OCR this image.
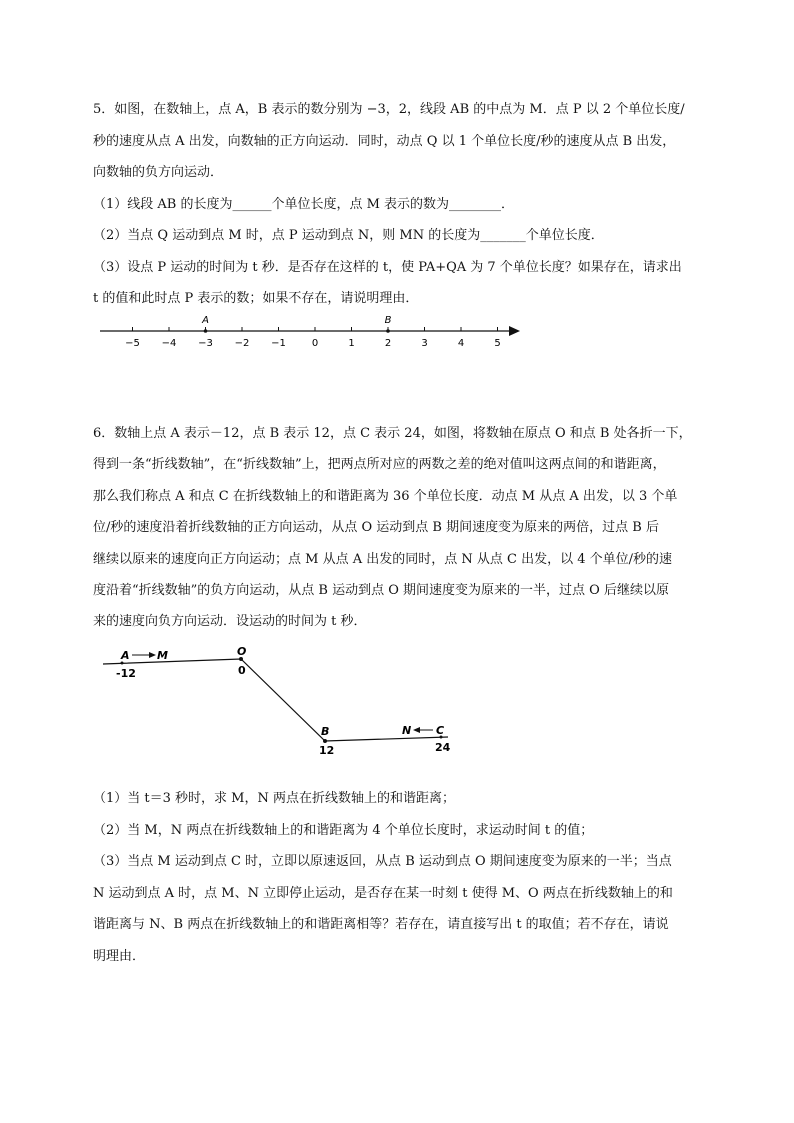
5．如图，在数轴上，点 A，B 表示的数分别为 −3，2，线段 AB 的中点为 M．点 P 以 2 个单位长度/
秒的速度从点 A 出发，向数轴的正方向运动．同时，动点 Q 以 1 个单位长度/秒的速度从点 B 出发，
向数轴的负方向运动．
（1）线段 AB 的长度为______个单位长度，点 M 表示的数为________．
（2）当点 Q 运动到点 M 时，点 P 运动到点 N，则 MN 的长度为_______个单位长度．
（3）设点 P 运动的时间为 t 秒．是否存在这样的 t，使 PA+QA 为 7 个单位长度？如果存在，请求出
t 的值和此时点 P 表示的数；如果不存在，请说明理由．
−5 −4 −3 −2 −1	0	1	2	3	4	5
A	B
6．数轴上点 A 表示－12，点 B 表示 12，点 C 表示 24，如图，将数轴在原点 O 和点 B 处各折一下，
得到一条“折线数轴”，在“折线数轴”上，把两点所对应的两数之差的绝对值叫这两点间的和谐距离，
那么我们称点 A 和点 C 在折线数轴上的和谐距离为 36 个单位长度．动点 M 从点 A 出发，以 3 个单
位/秒的速度沿着折线数轴的正方向运动，从点 O 运动到点 B 期间速度变为原来的两倍，过点 B 后
继续以原来的速度向正方向运动；点 M 从点 A 出发的同时，点 N 从点 C 出发，以 4 个单位/秒的速
度沿着“折线数轴”的负方向运动，从点 B 运动到点 O 期间速度变为原来的一半，过点 O 后继续以原
来的速度向负方向运动．设运动的时间为 t 秒．
A M	O
B	N C
-12	0
12	24
（1）当 t＝3 秒时，求 M，N 两点在折线数轴上的和谐距离；
（2）当 M，N 两点在折线数轴上的和谐距离为 4 个单位长度时，求运动时间 t 的值；
（3）当点 M 运动到点 C 时，立即以原速返回，从点 B 运动到点 O 期间速度变为原来的一半；当点
N 运动到点 A 时，点 M、N 立即停止运动，是否存在某一时刻 t 使得 M、O 两点在折线数轴上的和
谐距离与 N、B 两点在折线数轴上的和谐距离相等？若存在，请直接写出 t 的取值；若不存在，请说
明理由．
